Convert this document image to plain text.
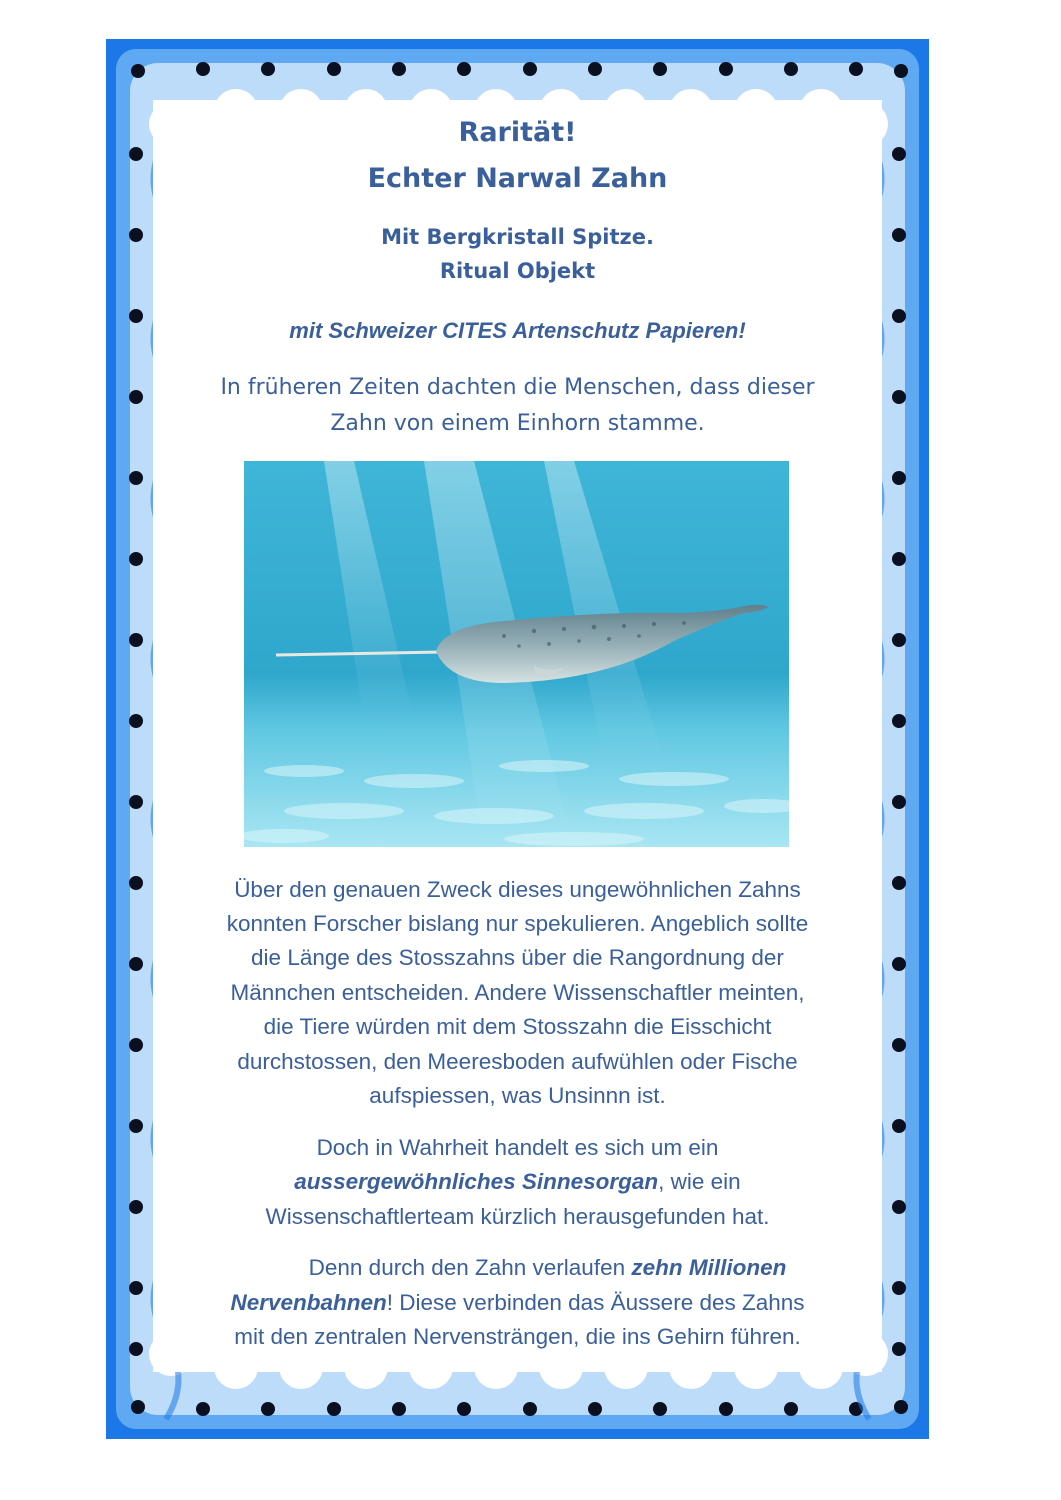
Rarität!

Echter Narwal Zahn

Mit Bergkristall Spitze.

Ritual Objekt

mit Schweizer CITES Artenschutz Papieren!

In früheren Zeiten dachten die Menschen, dass dieser

Zahn von einem Einhorn stamme.

Über den genauen Zweck dieses ungewöhnlichen Zahns

konnten Forscher bislang nur spekulieren. Angeblich sollte

die Länge des Stosszahns über die Rangordnung der

Männchen entscheiden. Andere Wissenschaftler meinten,

die Tiere würden mit dem Stosszahn die Eisschicht

durchstossen, den Meeresboden aufwühlen oder Fische

aufspiessen, was Unsinnn ist.

Doch in Wahrheit handelt es sich um ein

aussergewöhnliches Sinnesorgan, wie ein

Wissenschaftlerteam kürzlich herausgefunden hat.

Denn durch den Zahn verlaufen zehn Millionen

Nervenbahnen! Diese verbinden das Äussere des Zahns

mit den zentralen Nervensträngen, die ins Gehirn führen.
